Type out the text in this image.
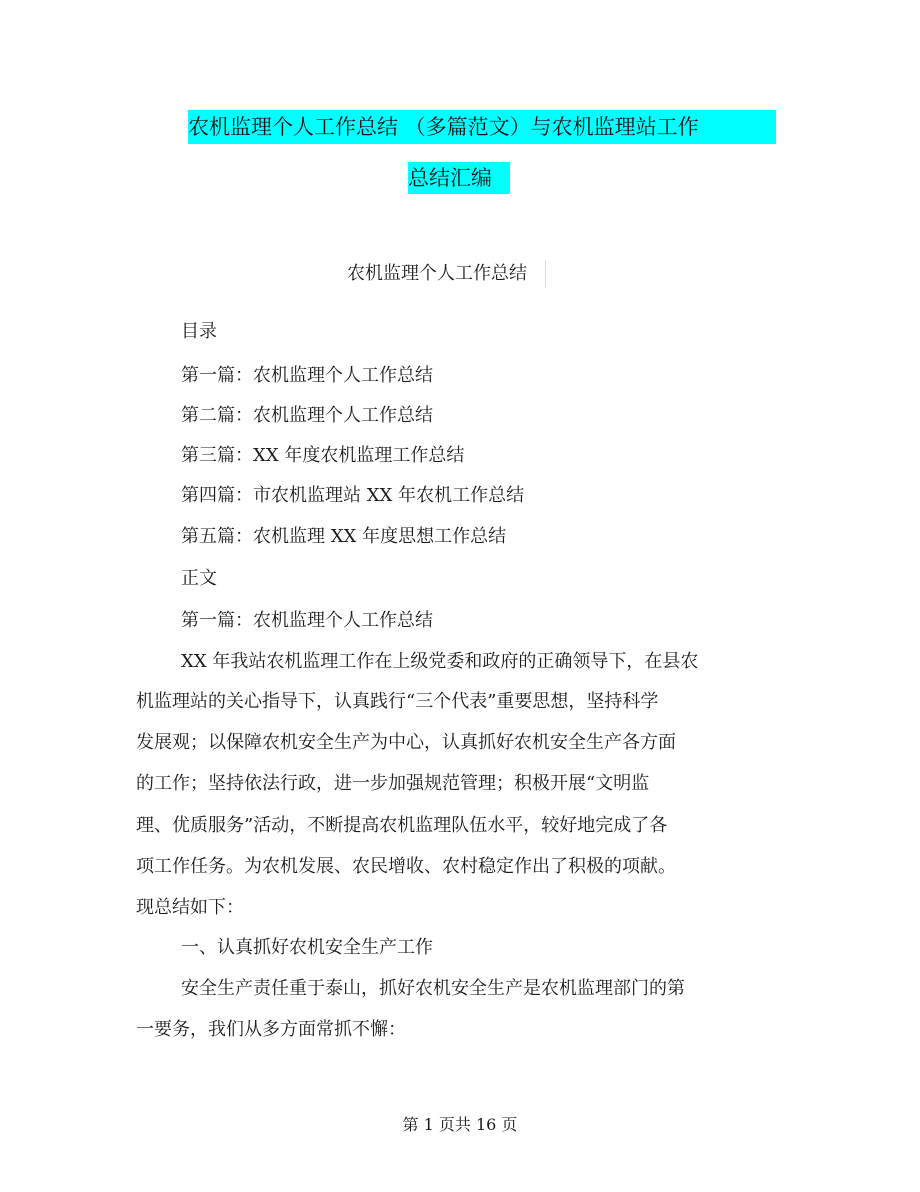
农机监理个人工作总结 （多篇范文）与农机监理站工作
总结汇编
农机监理个人工作总结
目录
第一篇：农机监理个人工作总结
第二篇：农机监理个人工作总结
第三篇：XX 年度农机监理工作总结
第四篇：市农机监理站 XX 年农机工作总结
第五篇：农机监理 XX 年度思想工作总结
正文
第一篇：农机监理个人工作总结
XX 年我站农机监理工作在上级党委和政府的正确领导下，在县农
机监理站的关心指导下，认真践行“三个代表”重要思想，坚持科学
发展观；以保障农机安全生产为中心，认真抓好农机安全生产各方面
的工作；坚持依法行政，进一步加强规范管理；积极开展“文明监
理、优质服务”活动，不断提高农机监理队伍水平，较好地完成了各
项工作任务。为农机发展、农民增收、农村稳定作出了积极的项献。
现总结如下：
一、认真抓好农机安全生产工作
安全生产责任重于泰山，抓好农机安全生产是农机监理部门的第
一要务，我们从多方面常抓不懈：
第 1 页共 16 页
